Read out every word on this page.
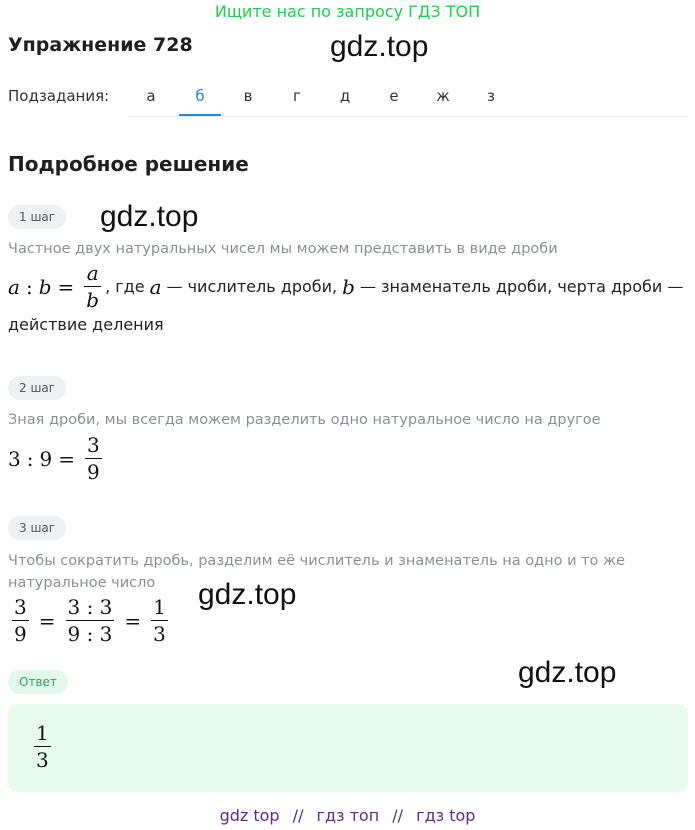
Ищите нас по запросу ГДЗ ТОП
Упражнение 728	gdz.top
gdz.top
gdz.top
gdz.top
Подзадания:	а	б	в	г	д	е	ж	з
Подробное решение
1 шаг
Частное двух натуральных чисел мы можем представить в виде дроби
a : $b = \frac{a}{b}$ , где a — числитель дроби, b — знаменатель дроби, черта дроби —
действие деления
2 шаг
Зная дроби, мы всегда можем разделить одно натуральное число на другое
3 : $9 = \frac{3}{9}$
3 шаг
Чтобы сократить дробь, разделим её числитель и знаменатель на одно и то же
натуральное число
$\frac{3}{9} = \frac{3 : 3}{9 : 3} = \frac{1}{3}$
Ответ
$\frac{1}{3}$
gdz top // гдз топ // гдз top
